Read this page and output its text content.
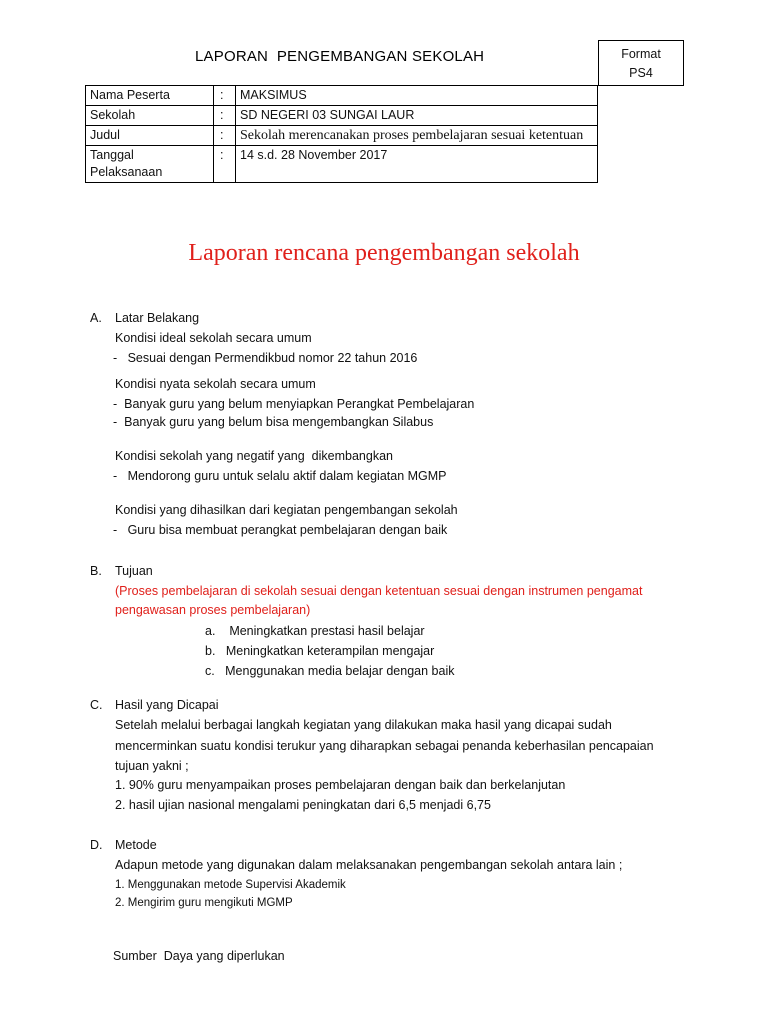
LAPORAN  PENGEMBANGAN SEKOLAH	Format
PS4
Nama Peserta	:	MAKSIMUS
Sekolah	:	SD NEGERI 03 SUNGAI LAUR
Judul	:	Sekolah merencanakan proses pembelajaran sesuai ketentuan
Tanggal Pelaksanaan	:	14 s.d. 28 November 2017
Laporan rencana pengembangan sekolah
A. Latar Belakang
Kondisi ideal sekolah secara umum
-   Sesuai dengan Permendikbud nomor 22 tahun 2016
Kondisi nyata sekolah secara umum
-  Banyak guru yang belum menyiapkan Perangkat Pembelajaran
-  Banyak guru yang belum bisa mengembangkan Silabus
Kondisi sekolah yang negatif yang  dikembangkan
-   Mendorong guru untuk selalu aktif dalam kegiatan MGMP
Kondisi yang dihasilkan dari kegiatan pengembangan sekolah
-   Guru bisa membuat perangkat pembelajaran dengan baik
B. Tujuan
(Proses pembelajaran di sekolah sesuai dengan ketentuan sesuai dengan instrumen pengamat
pengawasan proses pembelajaran)
a.    Meningkatkan prestasi hasil belajar
b.   Meningkatkan keterampilan mengajar
c.   Menggunakan media belajar dengan baik
C. Hasil yang Dicapai
Setelah melalui berbagai langkah kegiatan yang dilakukan maka hasil yang dicapai sudah
mencerminkan suatu kondisi terukur yang diharapkan sebagai penanda keberhasilan pencapaian
tujuan yakni ;
1. 90% guru menyampaikan proses pembelajaran dengan baik dan berkelanjutan
2. hasil ujian nasional mengalami peningkatan dari 6,5 menjadi 6,75
D. Metode
Adapun metode yang digunakan dalam melaksanakan pengembangan sekolah antara lain ;
1. Menggunakan metode Supervisi Akademik
2. Mengirim guru mengikuti MGMP
Sumber  Daya yang diperlukan
